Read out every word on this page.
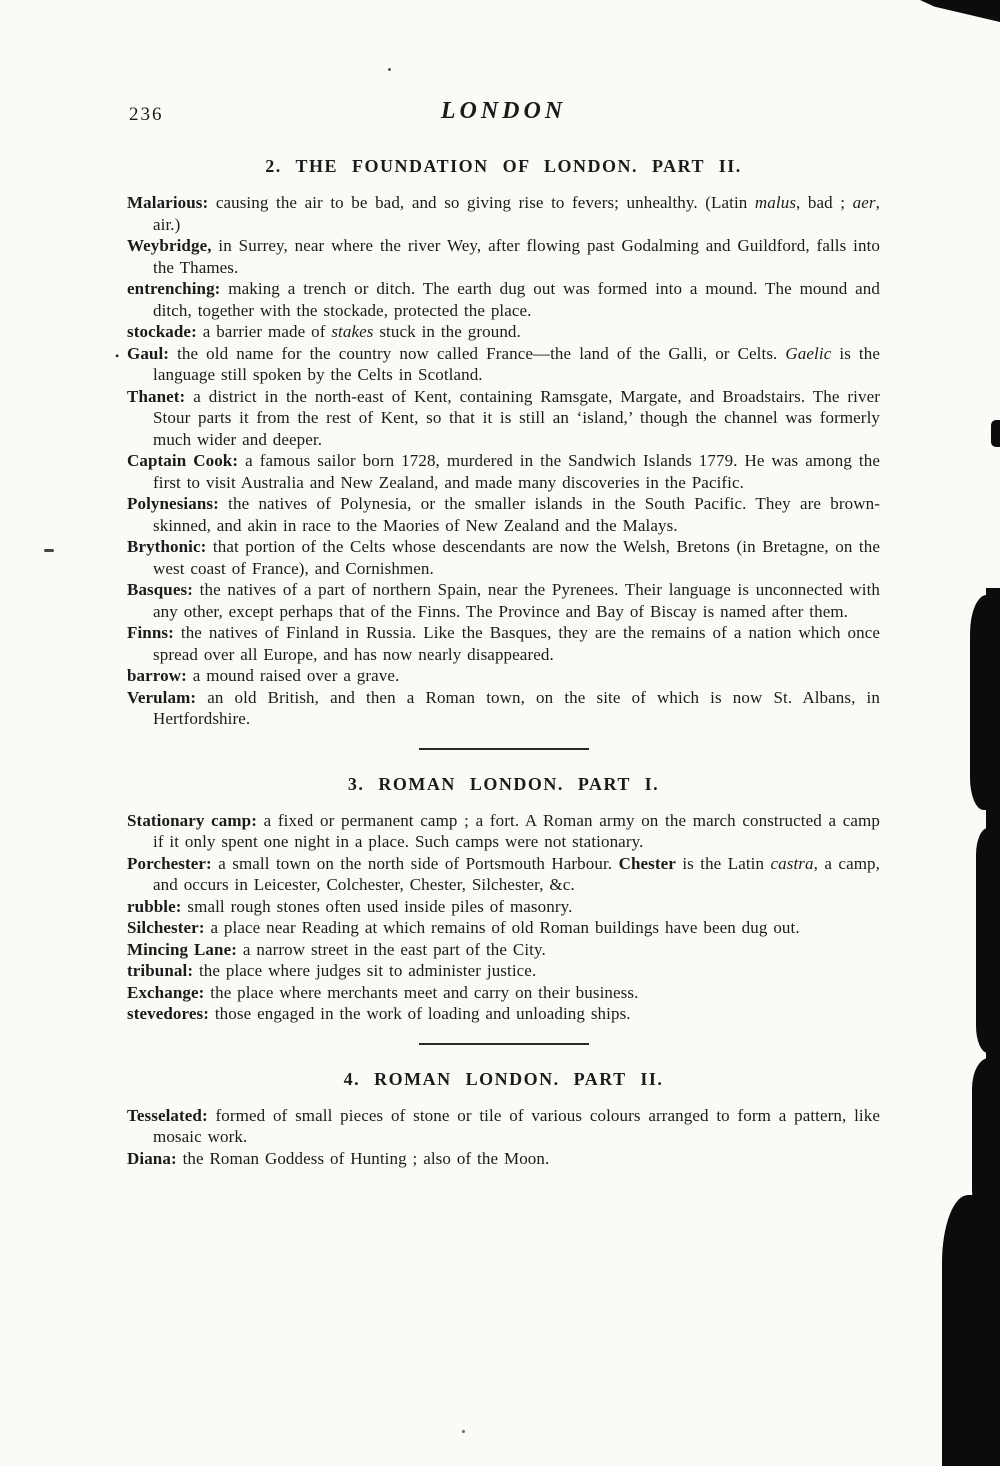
236	LONDON
2. THE FOUNDATION OF LONDON. PART II.

Malarious: causing the air to be bad, and so giving rise to fevers; unhealthy. (Latin malus, bad ; aer, air.)

Weybridge, in Surrey, near where the river Wey, after flowing past Godalming and Guildford, falls into the Thames.

entrenching: making a trench or ditch. The earth dug out was formed into a mound. The mound and ditch, together with the stockade, protected the place.

stockade: a barrier made of stakes stuck in the ground.

• Gaul: the old name for the country now called France—the land of the Galli, or Celts. Gaelic is the language still spoken by the Celts in Scotland.

Thanet: a district in the north-east of Kent, containing Ramsgate, Margate, and Broadstairs. The river Stour parts it from the rest of Kent, so that it is still an ‘island,’ though the channel was formerly much wider and deeper.

Captain Cook: a famous sailor born 1728, murdered in the Sandwich Islands 1779. He was among the first to visit Australia and New Zealand, and made many discoveries in the Pacific.

Polynesians: the natives of Polynesia, or the smaller islands in the South Pacific. They are brown-skinned, and akin in race to the Maories of New Zealand and the Malays.

Brythonic: that portion of the Celts whose descendants are now the Welsh, Bretons (in Bretagne, on the west coast of France), and Cornishmen.

Basques: the natives of a part of northern Spain, near the Pyrenees. Their language is unconnected with any other, except perhaps that of the Finns. The Province and Bay of Biscay is named after them.

Finns: the natives of Finland in Russia. Like the Basques, they are the remains of a nation which once spread over all Europe, and has now nearly disappeared.

barrow: a mound raised over a grave.

Verulam: an old British, and then a Roman town, on the site of which is now St. Albans, in Hertfordshire.

3. ROMAN LONDON. PART I.

Stationary camp: a fixed or permanent camp ; a fort. A Roman army on the march constructed a camp if it only spent one night in a place. Such camps were not stationary.

Porchester: a small town on the north side of Portsmouth Harbour. Chester is the Latin castra, a camp, and occurs in Leicester, Colchester, Chester, Silchester, &c.

rubble: small rough stones often used inside piles of masonry.

Silchester: a place near Reading at which remains of old Roman buildings have been dug out.

Mincing Lane: a narrow street in the east part of the City.

tribunal: the place where judges sit to administer justice.

Exchange: the place where merchants meet and carry on their business.

stevedores: those engaged in the work of loading and unloading ships.

4. ROMAN LONDON. PART II.

Tesselated: formed of small pieces of stone or tile of various colours arranged to form a pattern, like mosaic work.

Diana: the Roman Goddess of Hunting ; also of the Moon.
